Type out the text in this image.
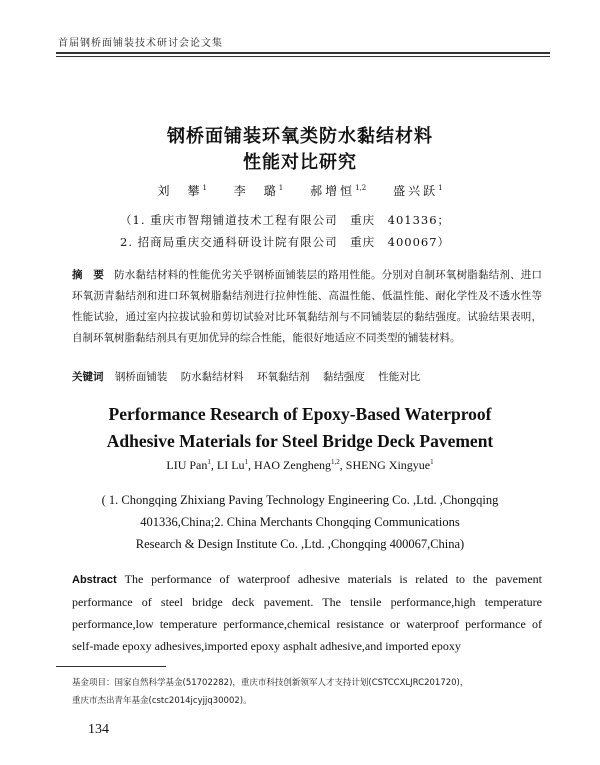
首届钢桥面铺装技术研讨会论文集
钢桥面铺装环氧类防水黏结材料
性能对比研究
刘　攀$^1$ 李　璐$^1$ 郝增恒$^{1,2}$ 盛兴跃$^1$
（1. 重庆市智翔铺道技术工程有限公司　重庆　401336；
2. 招商局重庆交通科研设计院有限公司　重庆　400067）
摘　要 防水黏结材料的性能优劣关乎钢桥面铺装层的路用性能。分别对自制环氧树脂黏结剂、进口环氧沥青黏结剂和进口环氧树脂黏结剂进行拉伸性能、高温性能、低温性能、耐化学性及不透水性等性能试验，通过室内拉拔试验和剪切试验对比环氧黏结剂与不同铺装层的黏结强度。试验结果表明，自制环氧树脂黏结剂具有更加优异的综合性能，能很好地适应不同类型的铺装材料。
关键词 钢桥面铺装 防水黏结材料 环氧黏结剂 黏结强度 性能对比
Performance Research of Epoxy-Based Waterproof
Adhesive Materials for Steel Bridge Deck Pavement
LIU Pan$^1$, LI Lu$^1$, HAO Zengheng$^{1,2}$, SHENG Xingyue$^1$
( 1. Chongqing Zhixiang Paving Technology Engineering Co. ,Ltd. ,Chongqing
401336,China;2. China Merchants Chongqing Communications
Research & Design Institute Co. ,Ltd. ,Chongqing 400067,China)
Abstract The performance of waterproof adhesive materials is related to the pavement performance of steel bridge deck pavement. The tensile performance,high temperature performance,low temperature performance,chemical resistance or waterproof performance of self-made epoxy adhesives,imported epoxy asphalt adhesive,and imported epoxy
基金项目：国家自然科学基金(51702282)，重庆市科技创新领军人才支持计划(CSTCCXLJRC201720)，
重庆市杰出青年基金(cstc2014jcyjjq30002)。
134
